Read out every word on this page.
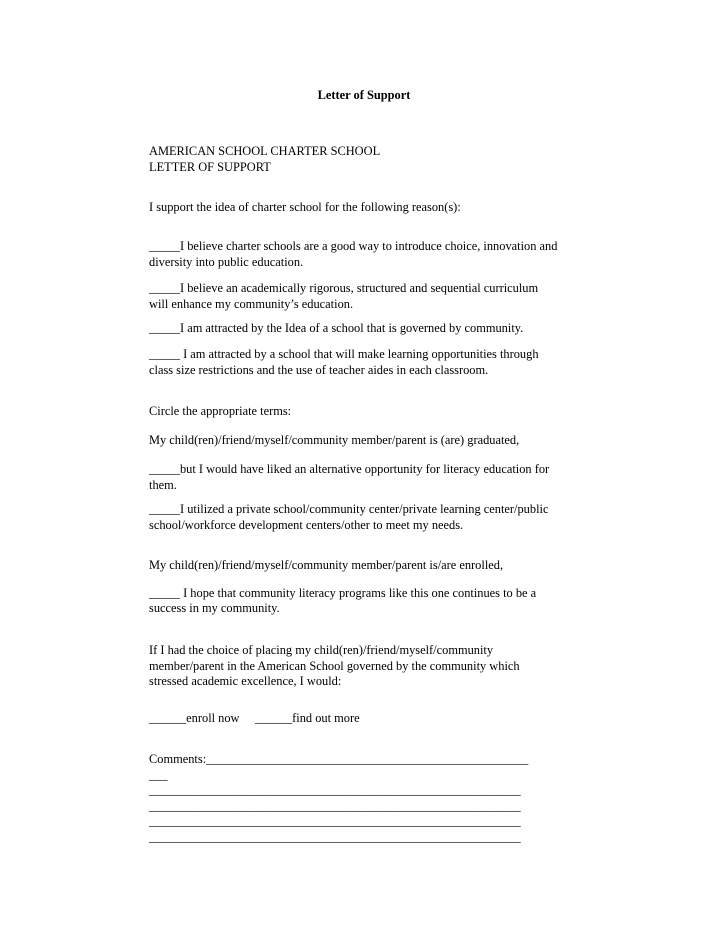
Letter of Support

AMERICAN SCHOOL CHARTER SCHOOL

LETTER OF SUPPORT

I support the idea of charter school for the following reason(s):

_____I believe charter schools are a good way to introduce choice, innovation and

diversity into public education.

_____I believe an academically rigorous, structured and sequential curriculum

will enhance my community’s education.

_____I am attracted by the Idea of a school that is governed by community.

_____ I am attracted by a school that will make learning opportunities through

class size restrictions and the use of teacher aides in each classroom.

Circle the appropriate terms:

My child(ren)/friend/myself/community member/parent is (are) graduated,

_____but I would have liked an alternative opportunity for literacy education for

them.

_____I utilized a private school/community center/private learning center/public

school/workforce development centers/other to meet my needs.

My child(ren)/friend/myself/community member/parent is/are enrolled,

_____ I hope that community literacy programs like this one continues to be a

success in my community.

If I had the choice of placing my child(ren)/friend/myself/community

member/parent in the American School governed by the community which

stressed academic excellence, I would:

______enroll now ______find out more

Comments:____________________________________________________

___

____________________________________________________________

____________________________________________________________

____________________________________________________________

____________________________________________________________
